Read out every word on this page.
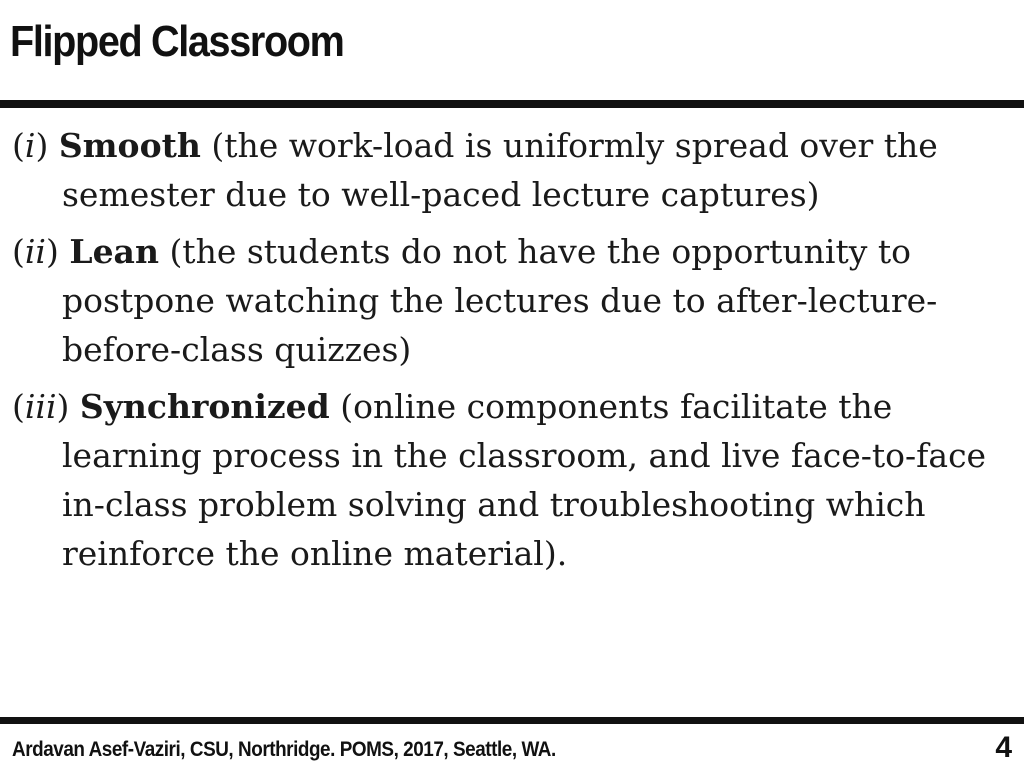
Flipped Classroom

(i) Smooth (the work-load is uniformly spread over the semester due to well-paced lecture captures)

(ii) Lean (the students do not have the opportunity to postpone watching the lectures due to after-lecture-before-class quizzes)

(iii) Synchronized (online components facilitate the learning process in the classroom, and live face-to-face in-class problem solving and troubleshooting which reinforce the online material).

Ardavan Asef-Vaziri, CSU, Northridge. POMS, 2017, Seattle, WA.	4
